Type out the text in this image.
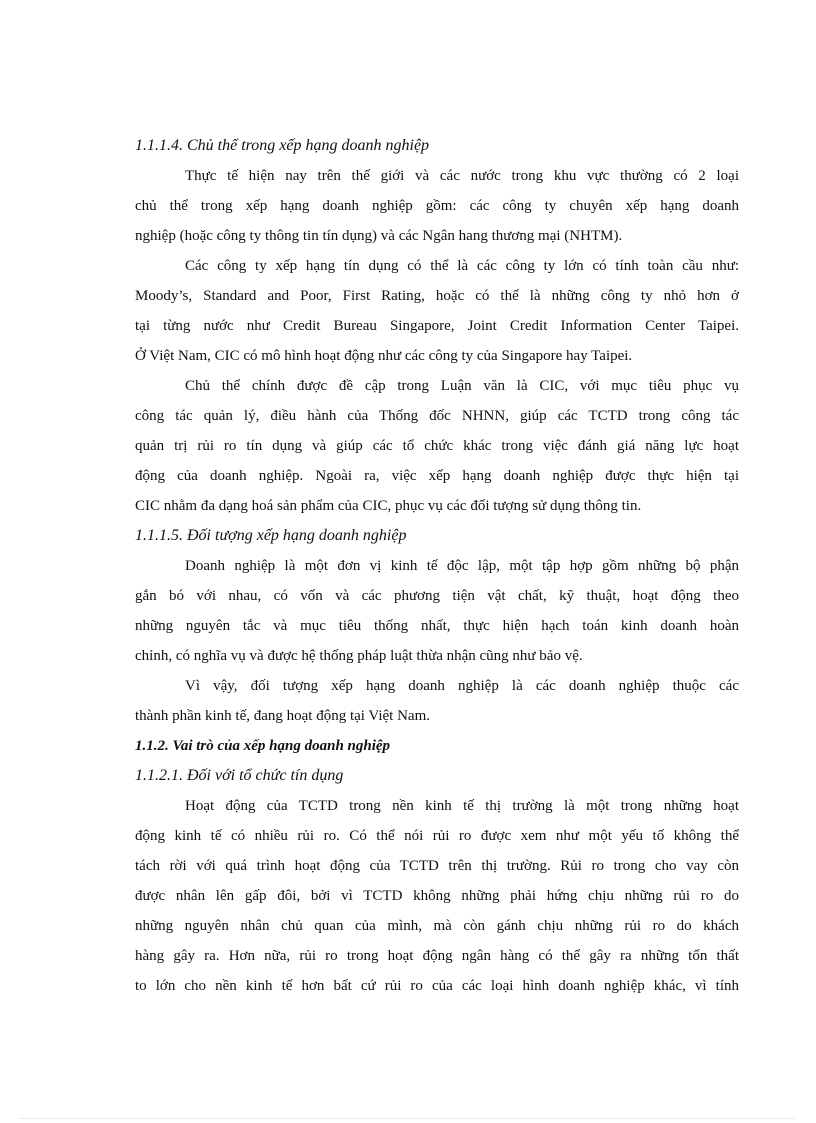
1.1.1.4. Chủ thể trong xếp hạng doanh nghiệp

Thực tế hiện nay trên thế giới và các nước trong khu vực thường có 2 loại
chủ thể trong xếp hạng doanh nghiệp gồm: các công ty chuyên xếp hạng doanh
nghiệp (hoặc công ty thông tin tín dụng) và các Ngân hang thương mại (NHTM).

Các công ty xếp hạng tín dụng có thể là các công ty lớn có tính toàn cầu như:
Moody’s, Standard and Poor, First Rating, hoặc có thể là những công ty nhỏ hơn ở
tại từng nước như Credit Bureau Singapore, Joint Credit Information Center Taipei.
Ở Việt Nam, CIC có mô hình hoạt động như các công ty của Singapore hay Taipei.

Chủ thể chính được đề cập trong Luận văn là CIC, với mục tiêu phục vụ
công tác quản lý, điều hành của Thống đốc NHNN, giúp các TCTD trong công tác
quản trị rủi ro tín dụng và giúp các tổ chức khác trong việc đánh giá năng lực hoạt
động của doanh nghiệp. Ngoài ra, việc xếp hạng doanh nghiệp được thực hiện tại
CIC nhằm đa dạng hoá sản phẩm của CIC, phục vụ các đối tượng sử dụng thông tin.

1.1.1.5. Đối tượng xếp hạng doanh nghiệp

Doanh nghiệp là một đơn vị kinh tế độc lập, một tập hợp gồm những bộ phận
gắn bó với nhau, có vốn và các phương tiện vật chất, kỹ thuật, hoạt động theo
những nguyên tắc và mục tiêu thống nhất, thực hiện hạch toán kinh doanh hoàn
chỉnh, có nghĩa vụ và được hệ thống pháp luật thừa nhận cũng như bảo vệ.

Vì vậy, đối tượng xếp hạng doanh nghiệp là các doanh nghiệp thuộc các
thành phần kinh tế, đang hoạt động tại Việt Nam.

1.1.2. Vai trò của xếp hạng doanh nghiệp
1.1.2.1. Đối với tổ chức tín dụng

Hoạt động của TCTD trong nền kinh tế thị trường là một trong những hoạt
động kinh tế có nhiều rủi ro. Có thể nói rủi ro được xem như một yếu tố không thể
tách rời với quá trình hoạt động của TCTD trên thị trường. Rủi ro trong cho vay còn
được nhân lên gấp đôi, bởi vì TCTD không những phải hứng chịu những rủi ro do
những nguyên nhân chủ quan của mình, mà còn gánh chịu những rủi ro do khách
hàng gây ra. Hơn nữa, rủi ro trong hoạt động ngân hàng có thể gây ra những tổn thất
to lớn cho nền kinh tế hơn bất cứ rủi ro của các loại hình doanh nghiệp khác, vì tính
